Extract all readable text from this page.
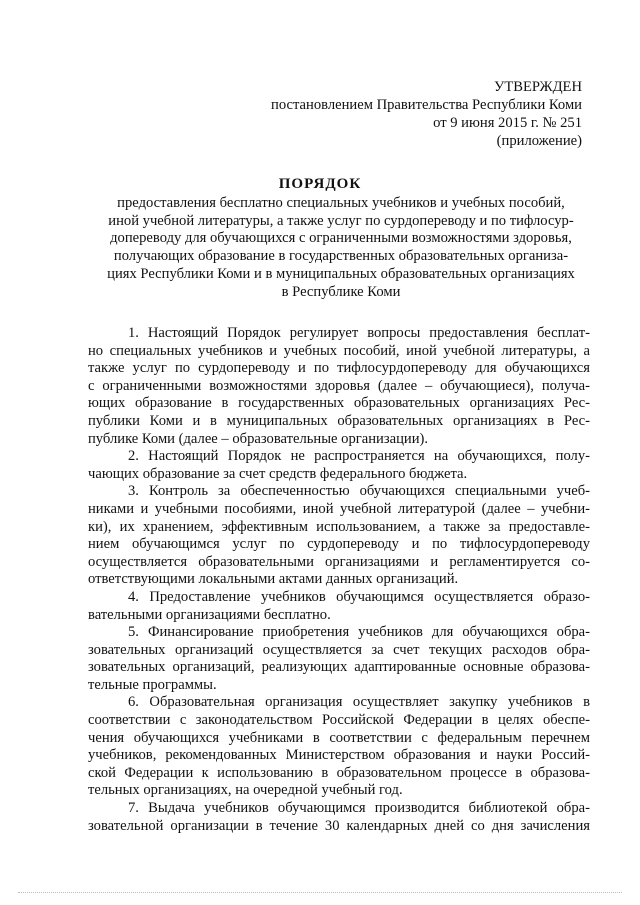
УТВЕРЖДЕН
постановлением Правительства Республики Коми
от 9 июня 2015 г. № 251
(приложение)
ПОРЯДОК
предоставления бесплатно специальных учебников и учебных пособий,
иной учебной литературы, а также услуг по сурдопереводу и по тифлосур-
допереводу для обучающихся с ограниченными возможностями здоровья,
получающих образование в государственных образовательных организа-
циях Республики Коми и в муниципальных образовательных организациях
в Республике Коми
1. Настоящий Порядок регулирует вопросы предоставления бесплат-
но специальных учебников и учебных пособий, иной учебной литературы, а
также услуг по сурдопереводу и по тифлосурдопереводу для обучающихся
с ограниченными возможностями здоровья (далее – обучающиеся), получа-
ющих образование в государственных образовательных организациях Рес-
публики Коми и в муниципальных образовательных организациях в Рес-
публике Коми (далее – образовательные организации).
2. Настоящий Порядок не распространяется на обучающихся, полу-
чающих образование за счет средств федерального бюджета.
3. Контроль за обеспеченностью обучающихся специальными учеб-
никами и учебными пособиями, иной учебной литературой (далее – учебни-
ки), их хранением, эффективным использованием, а также за предоставле-
нием обучающимся услуг по сурдопереводу и по тифлосурдопереводу
осуществляется образовательными организациями и регламентируется со-
ответствующими локальными актами данных организаций.
4. Предоставление учебников обучающимся осуществляется образо-
вательными организациями бесплатно.
5. Финансирование приобретения учебников для обучающихся обра-
зовательных организаций осуществляется за счет текущих расходов обра-
зовательных организаций, реализующих адаптированные основные образова-
тельные программы.
6. Образовательная организация осуществляет закупку учебников в
соответствии с законодательством Российской Федерации в целях обеспе-
чения обучающихся учебниками в соответствии с федеральным перечнем
учебников, рекомендованных Министерством образования и науки Россий-
ской Федерации к использованию в образовательном процессе в образова-
тельных организациях, на очередной учебный год.
7. Выдача учебников обучающимся производится библиотекой обра-
зовательной организации в течение 30 календарных дней со дня зачисления
